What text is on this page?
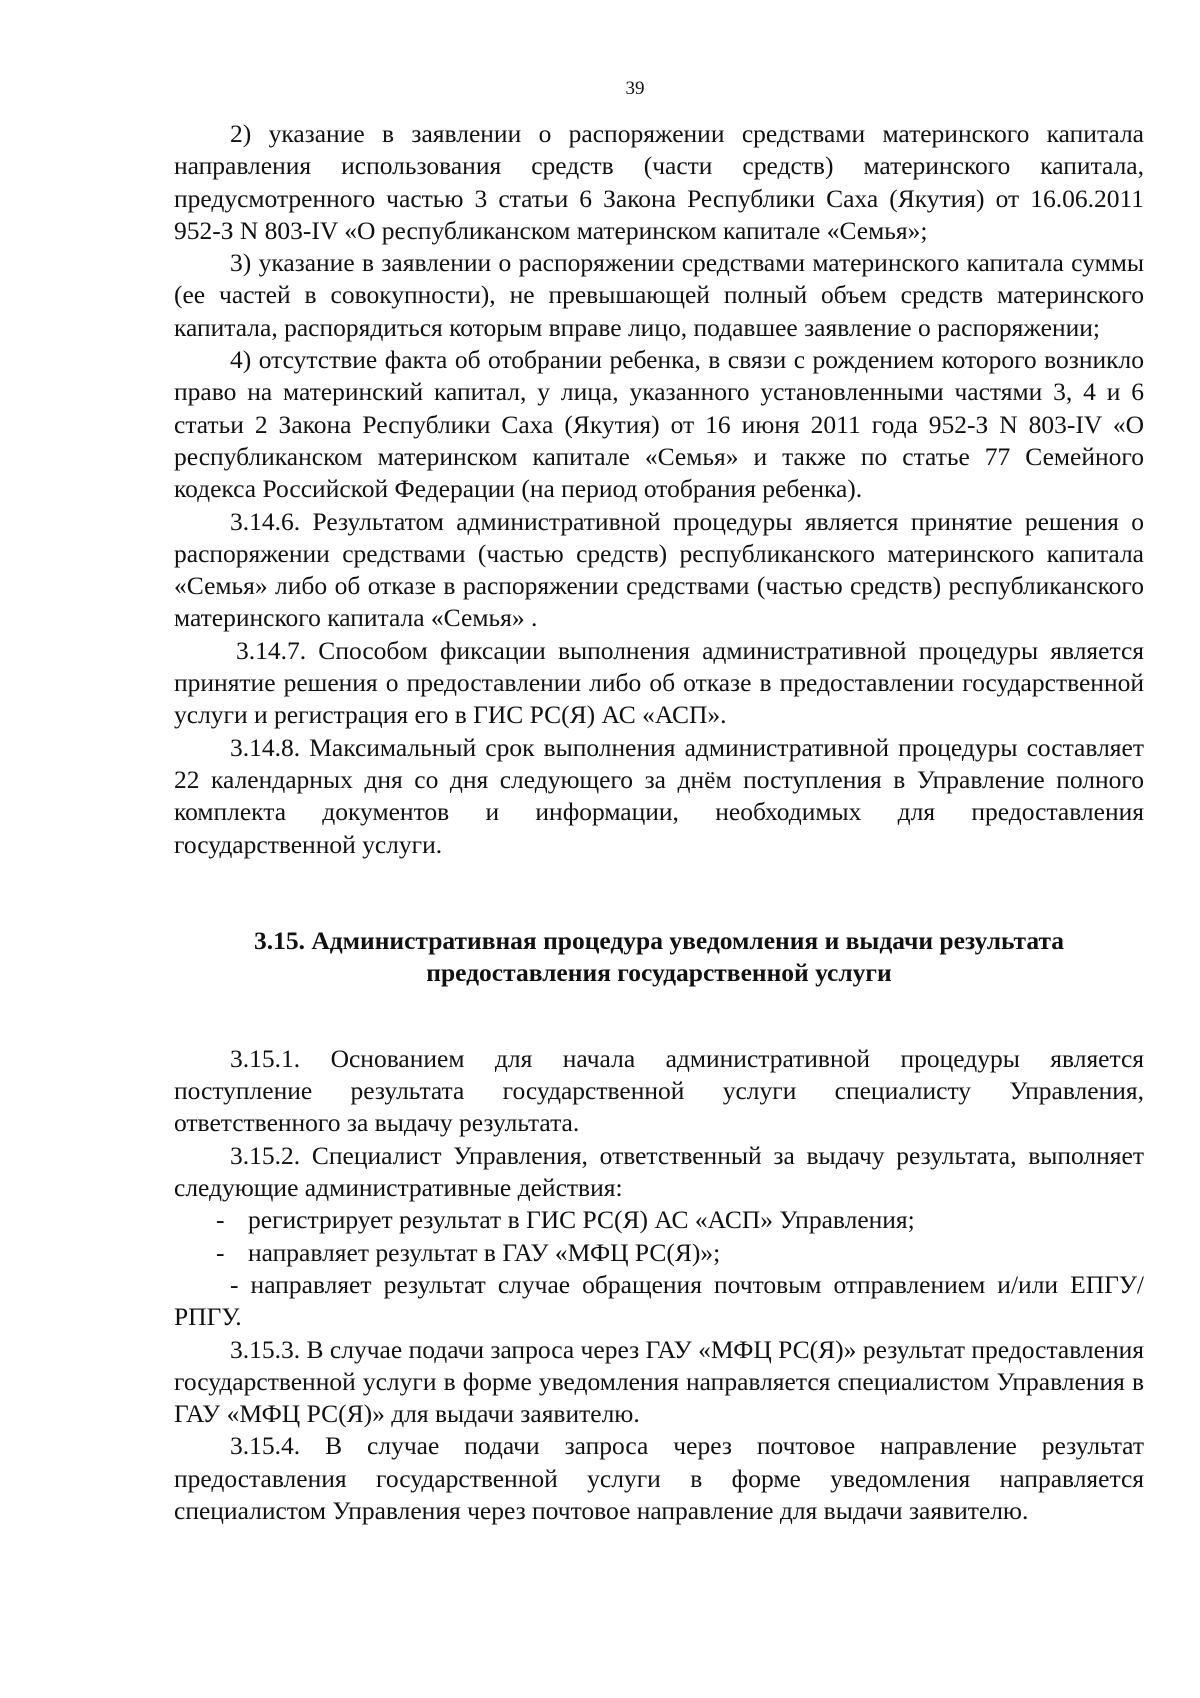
39

2) указание в заявлении о распоряжении средствами материнского капитала направления использования средств (части средств) материнского капитала, предусмотренного частью 3 статьи 6 Закона Республики Саха (Якутия) от 16.06.2011 952-З N 803-IV «О республиканском материнском капитале «Семья»;

3) указание в заявлении о распоряжении средствами материнского капитала суммы (ее частей в совокупности), не превышающей полный объем средств материнского капитала, распорядиться которым вправе лицо, подавшее заявление о распоряжении;

4) отсутствие факта об отобрании ребенка, в связи с рождением которого возникло право на материнский капитал, у лица, указанного установленными частями 3, 4 и 6 статьи 2 Закона Республики Саха (Якутия) от 16 июня 2011 года 952-З N 803-IV «О республиканском материнском капитале «Семья» и также по статье 77 Семейного кодекса Российской Федерации (на период отобрания ребенка).

3.14.6. Результатом административной процедуры является принятие решения о распоряжении средствами (частью средств) республиканского материнского капитала «Семья» либо об отказе в распоряжении средствами (частью средств) республиканского материнского капитала «Семья» .

3.14.7. Способом фиксации выполнения административной процедуры является принятие решения о предоставлении либо об отказе в предоставлении государственной услуги и регистрация его в ГИС РС(Я) АС «АСП».

3.14.8. Максимальный срок выполнения административной процедуры составляет 22 календарных дня со дня следующего за днём поступления в Управление полного комплекта документов и информации, необходимых для предоставления государственной услуги.

3.15. Административная процедура уведомления и выдачи результата
предоставления государственной услуги

3.15.1. Основанием для начала административной процедуры является поступление результата государственной услуги специалисту Управления, ответственного за выдачу результата.

3.15.2. Специалист Управления, ответственный за выдачу результата, выполняет следующие административные действия:

- регистрирует результат в ГИС РС(Я) АС «АСП» Управления;

- направляет результат в ГАУ «МФЦ РС(Я)»;

- направляет результат случае обращения почтовым отправлением и/или ЕПГУ/РПГУ.

3.15.3. В случае подачи запроса через ГАУ «МФЦ РС(Я)» результат предоставления государственной услуги в форме уведомления направляется специалистом Управления в ГАУ «МФЦ РС(Я)» для выдачи заявителю.

3.15.4. В случае подачи запроса через почтовое направление результат предоставления государственной услуги в форме уведомления направляется специалистом Управления через почтовое направление для выдачи заявителю.
